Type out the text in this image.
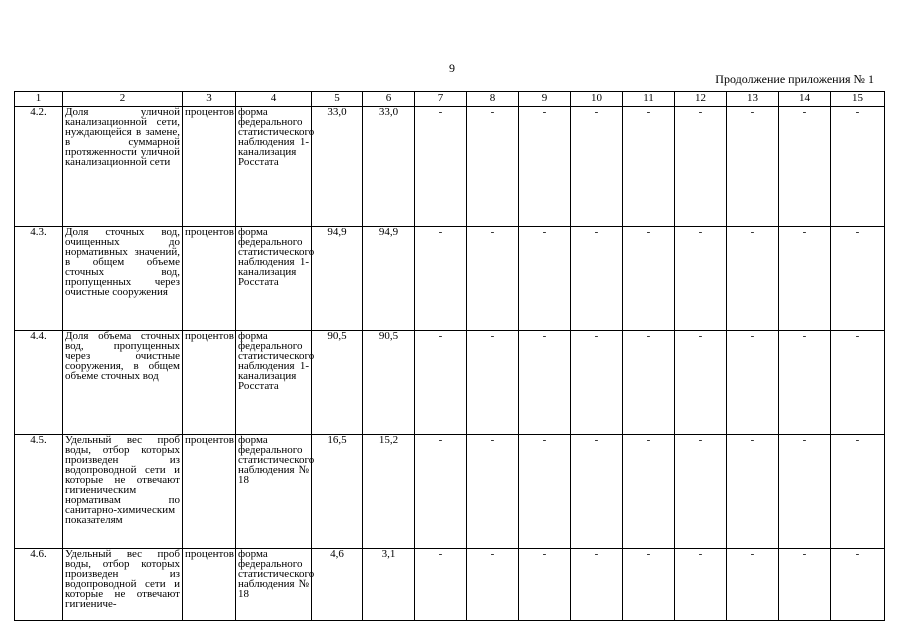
9
Продолжение приложения № 1
1	2	3	4	5	6	7	8	9	10	11	12	13	14	15
4.2.	Доля уличной канализационной сети, нуждающейся в замене, в суммарной протяженности уличной канализационной сети	процентов	форма федерального статистического наблюдения 1-канализация Росстата	33,0	33,0	-	-	-	-	-	-	-	-	-
4.3.	Доля сточных вод, очищенных до нормативных значений, в общем объеме сточных вод, пропущенных через очистные сооружения	процентов	форма федерального статистического наблюдения 1-канализация Росстата	94,9	94,9	-	-	-	-	-	-	-	-	-
4.4.	Доля объема сточных вод, пропущенных через очистные сооружения, в общем объеме сточных вод	процентов	форма федерального статистического наблюдения 1-канализация Росстата	90,5	90,5	-	-	-	-	-	-	-	-	-
4.5.	Удельный вес проб воды, отбор которых произведен из водопроводной сети и которые не отвечают гигиеническим нормативам по санитарно-химическим показателям	процентов	форма федерального статистического наблюдения № 18	16,5	15,2	-	-	-	-	-	-	-	-	-
4.6.	Удельный вес проб воды, отбор которых произведен из водопроводной сети и которые не отвечают гигиениче-	процентов	форма федерального статистического наблюдения № 18	4,6	3,1	-	-	-	-	-	-	-	-	-
